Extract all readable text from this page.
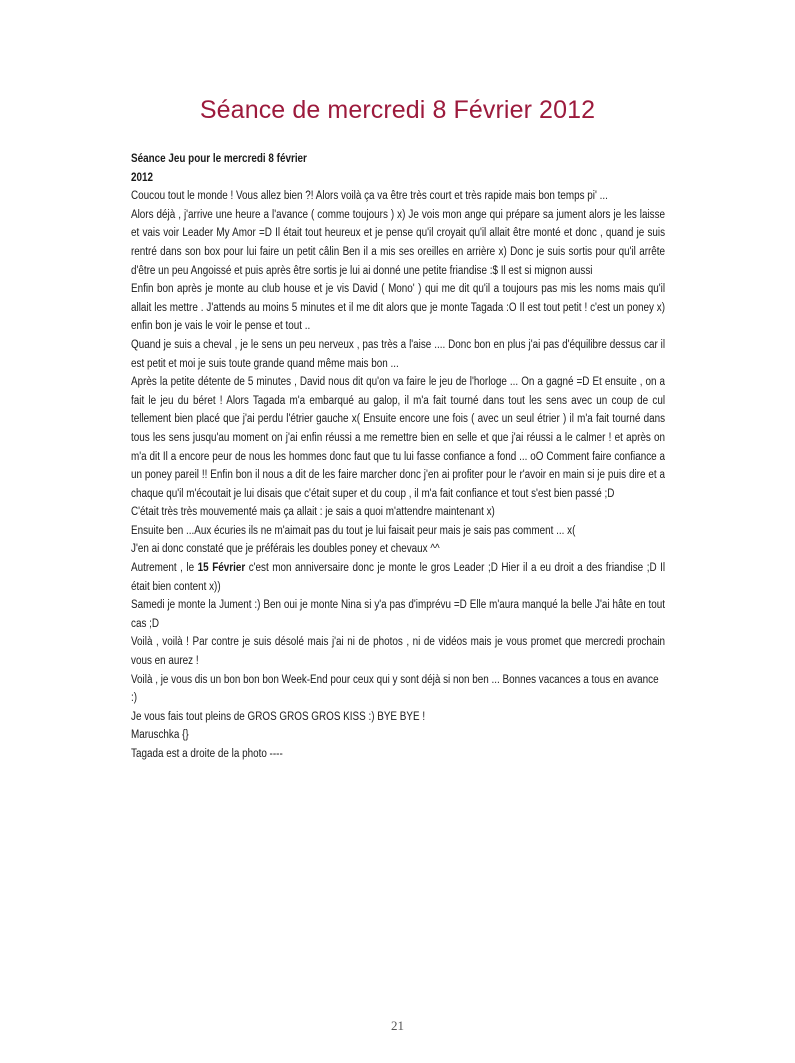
Séance de mercredi 8 Février 2012

Séance Jeu pour le mercredi 8 février

2012

Coucou tout le monde ! Vous allez bien ?! Alors voilà ça va être très court et très rapide mais bon temps pi' ...

Alors déjà , j'arrive une heure a l'avance ( comme toujours ) x) Je vois mon ange qui prépare sa jument alors je les laisse et vais voir Leader My Amor =D Il était tout heureux et je pense qu'il croyait qu'il allait être monté et donc , quand je suis rentré dans son box pour lui faire un petit câlin Ben il a mis ses oreilles en arrière x) Donc je suis sortis pour qu'il arrête d'être un peu Angoissé et puis après être sortis je lui ai donné une petite friandise :$ Il est si mignon aussi

Enfin bon après je monte au club house et je vis David ( Mono' ) qui me dit qu'il a toujours pas mis les noms mais qu'il allait les mettre . J'attends au moins 5 minutes et il me dit alors que je monte Tagada :O Il est tout petit ! c'est un poney x) enfin bon je vais le voir le pense et tout ..

Quand je suis a cheval , je le sens un peu nerveux , pas très a l'aise .... Donc bon en plus j'ai pas d'équilibre dessus car il est petit et moi je suis toute grande quand même mais bon ...

Après la petite détente de 5 minutes , David nous dit qu'on va faire le jeu de l'horloge ... On a gagné =D Et ensuite , on a fait le jeu du béret ! Alors Tagada m'a embarqué au galop, il m'a fait tourné dans tout les sens avec un coup de cul tellement bien placé que j'ai perdu l'étrier gauche x( Ensuite encore une fois ( avec un seul étrier ) il m'a fait tourné dans tous les sens jusqu'au moment on j'ai enfin réussi a me remettre bien en selle et que j'ai réussi a le calmer ! et après on m'a dit Il a encore peur de nous les hommes donc faut que tu lui fasse confiance a fond ... oO Comment faire confiance a un poney pareil !! Enfin bon il nous a dit de les faire marcher donc j'en ai profiter pour le r'avoir en main si je puis dire et a chaque qu'il m'écoutait je lui disais que c'était super et du coup , il m'a fait confiance et tout s'est bien passé ;D

C'était très très mouvementé mais ça allait : je sais a quoi m'attendre maintenant x)

Ensuite ben ...Aux écuries ils ne m'aimait pas du tout je lui faisait peur mais je sais pas comment ... x(

J'en ai donc constaté que je préférais les doubles poney et chevaux ^^

Autrement , le 15 Février c'est mon anniversaire donc je monte le gros Leader ;D Hier il a eu droit a des friandise ;D Il était bien content x))

Samedi je monte la Jument :) Ben oui je monte Nina si y'a pas d'imprévu =D Elle m'aura manqué la belle J'ai hâte en tout cas ;D

Voilà , voilà ! Par contre je suis désolé mais j'ai ni de photos , ni de vidéos mais je vous promet que mercredi prochain vous en aurez !

Voilà , je vous dis un bon bon bon Week-End pour ceux qui y sont déjà si non ben ... Bonnes vacances a tous en avance :)

Je vous fais tout pleins de GROS GROS GROS KISS :) BYE BYE !

Maruschka {}

Tagada est a droite de la photo ----

21
